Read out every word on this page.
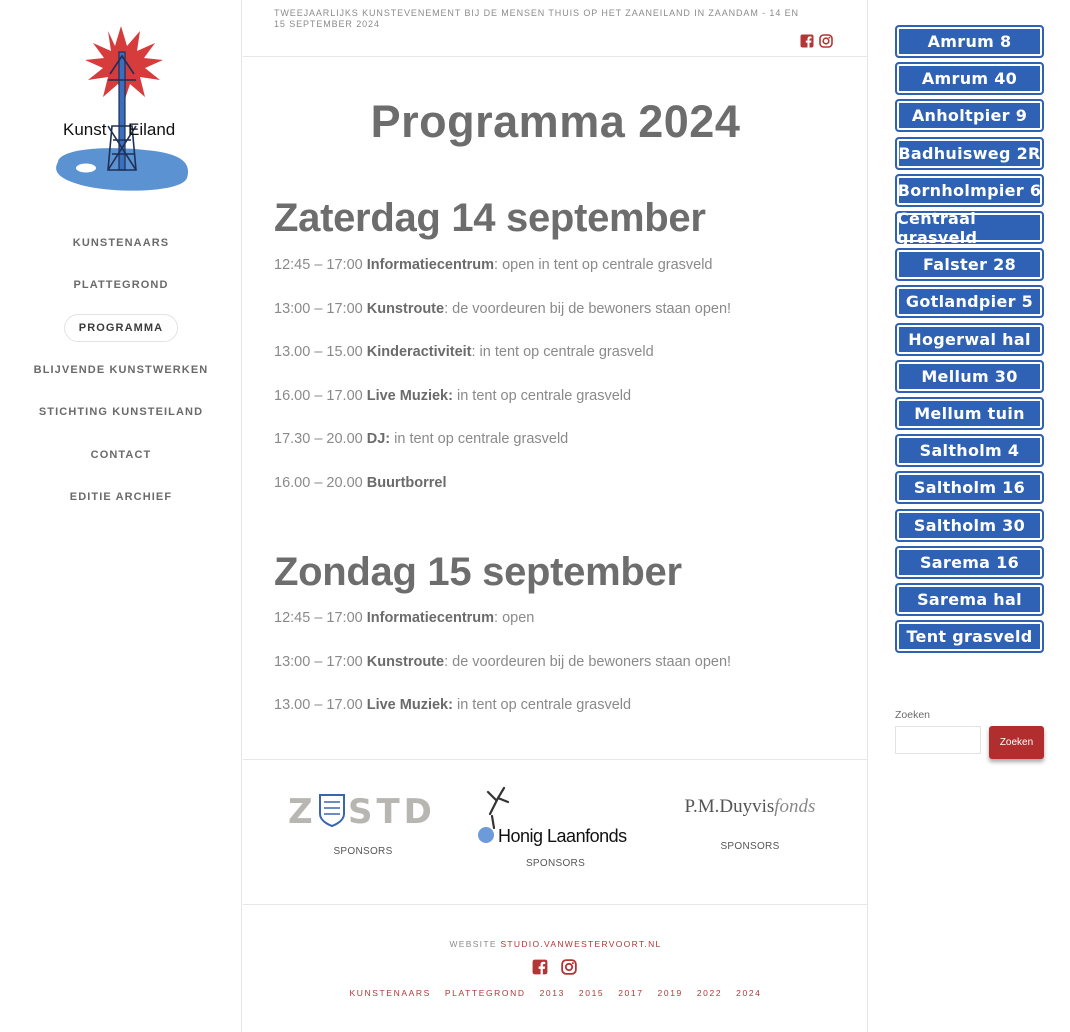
Kunst Eiland
KUNSTENAARS
PLATTEGROND
PROGRAMMA
BLIJVENDE KUNSTWERKEN
STICHTING KUNSTEILAND
CONTACT
EDITIE ARCHIEF
TWEEJAARLIJKS KUNSTEVENEMENT BIJ DE MENSEN THUIS OP HET ZAANEILAND IN ZAANDAM - 14 EN 15 SEPTEMBER 2024
Programma 2024
Zaterdag 14 september

12:45 – 17:00 Informatiecentrum: open in tent op centrale grasveld

13:00 – 17:00 Kunstroute: de voordeuren bij de bewoners staan open!

13.00 – 15.00 Kinderactiviteit: in tent op centrale grasveld

16.00 – 17.00 Live Muziek: in tent op centrale grasveld

17.30 – 20.00 DJ: in tent op centrale grasveld

16.00 – 20.00 Buurtborrel

Zondag 15 september

12:45 – 17:00 Informatiecentrum: open

13:00 – 17:00 Kunstroute: de voordeuren bij de bewoners staan open!

13.00 – 17.00 Live Muziek: in tent op centrale grasveld

Z STD
SPONSORS
Honig Laanfonds
SPONSORS
P.M.Duyvisfonds
SPONSORS
WEBSITE STUDIO.VANWESTERVOORT.NL
KUNSTENAARS PLATTEGROND 2013 2015 2017 2019 2022 2024
Amrum 8
Amrum 40
Anholtpier 9
Badhuisweg 2R
Bornholmpier 6
Centraal grasveld
Falster 28
Gotlandpier 5
Hogerwal hal
Mellum 30
Mellum tuin
Saltholm 4
Saltholm 16
Saltholm 30
Sarema 16
Sarema hal
Tent grasveld
Zoeken
Zoeken
